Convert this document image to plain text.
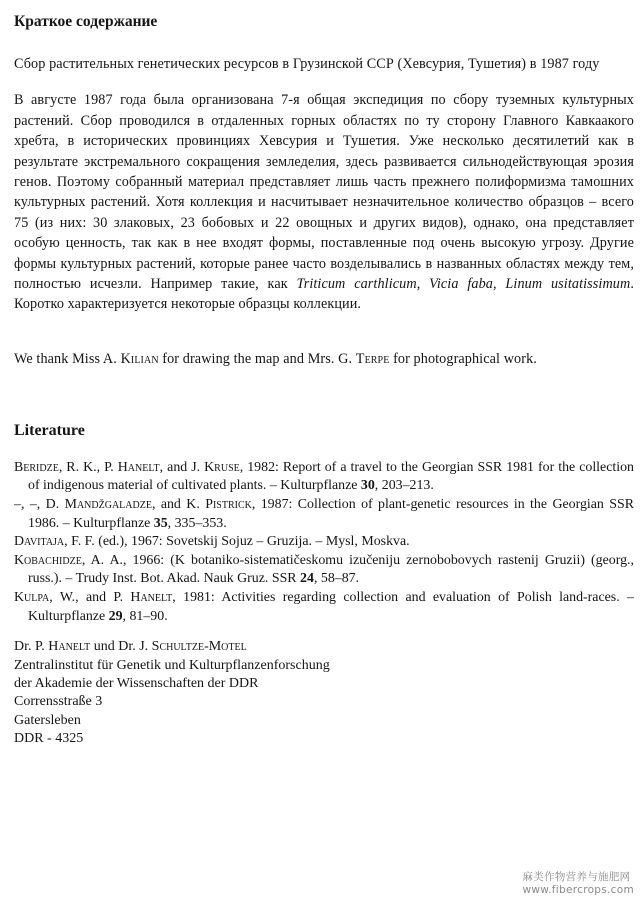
Краткое содержание

Сбор растительных генетических ресурсов в Грузинской ССР (Хевсурия, Тушетия) в 1987 году

В августе 1987 года была организована 7-я общая экспедиция по сбору туземных культурных растений. Сбор проводился в отдаленных горных областях по ту сторону Главного Кавкаакого хребта, в исторических провинциях Хевсурия и Тушетия. Уже несколько десятилетий как в результате экстремального сокращения земледелия, здесь развивается сильнодействующая эрозия генов. Поэтому собранный материал представляет лишь часть прежнего полиформизма тамошних культурных растений. Хотя коллекция и насчитывает незначительное количество образцов – всего 75 (из них: 30 злаковых, 23 бобовых и 22 овощных и других видов), однако, она представляет особую ценность, так как в нее входят формы, поставленные под очень высокую угрозу. Другие формы культурных растений, которые ранее часто возделывались в названных областях между тем, полностью исчезли. Например такие, как Triticum carthlicum, Vicia faba, Linum usitatissimum. Коротко характеризуется некоторые образцы коллекции.

We thank Miss A. Kilian for drawing the map and Mrs. G. Terpe for photographical work.

Literature

Beridze, R. K., P. Hanelt, and J. Kruse, 1982: Report of a travel to the Georgian SSR 1981 for the collection of indigenous material of cultivated plants. – Kulturpflanze 30, 203–213.

–, –, D. Mandžgaladze, and K. Pistrick, 1987: Collection of plant-genetic resources in the Georgian SSR 1986. – Kulturpflanze 35, 335–353.

Davitaja, F. F. (ed.), 1967: Sovetskij Sojuz – Gruzija. – Mysl, Moskva.

Kobachidze, A. A., 1966: (K botaniko-sistematičeskomu izučeniju zernobobovych rastenij Gruzii) (georg., russ.). – Trudy Inst. Bot. Akad. Nauk Gruz. SSR 24, 58–87.

Kulpa, W., and P. Hanelt, 1981: Activities regarding collection and evaluation of Polish land-races. – Kulturpflanze 29, 81–90.

Dr. P. Hanelt und Dr. J. Schultze-Motel
Zentralinstitut für Genetik und Kulturpflanzenforschung
der Akademie der Wissenschaften der DDR
Corrensstraße 3
Gatersleben
DDR - 4325
麻类作物营养与施肥网
www.fibercrops.com
